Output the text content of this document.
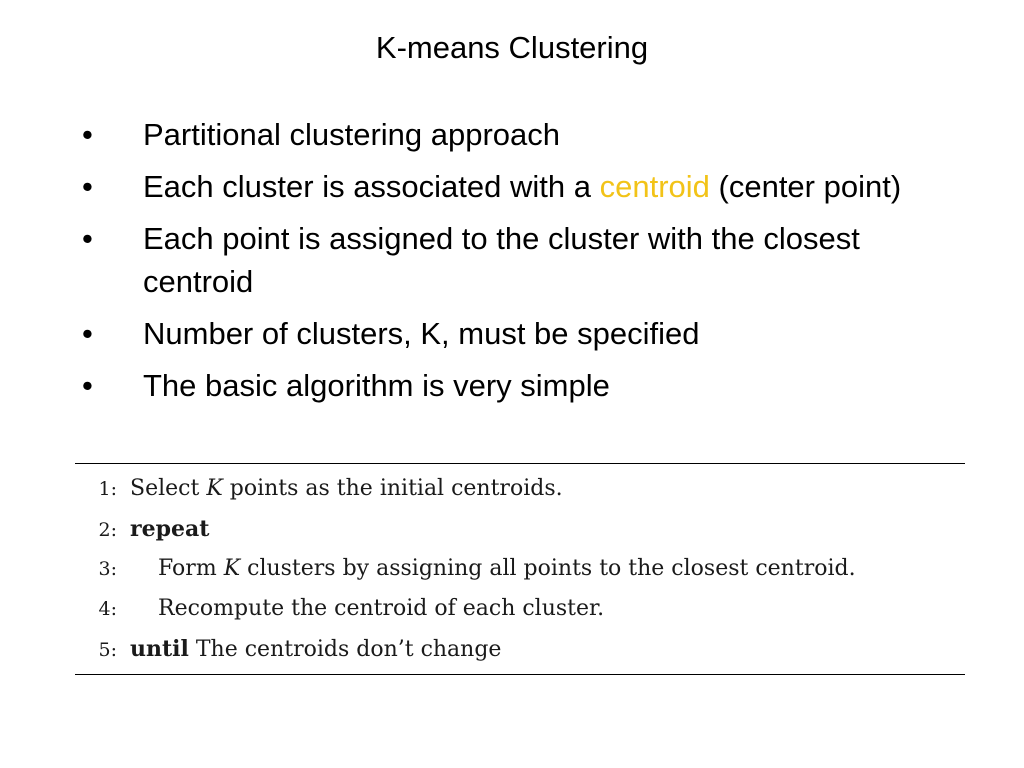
K-means Clustering
• Partitional clustering approach
• Each cluster is associated with a centroid (center point)
• Each point is assigned to the cluster with the closest centroid
• Number of clusters, K, must be specified
• The basic algorithm is very simple
1: Select K points as the initial centroids.
2: repeat
3: Form K clusters by assigning all points to the closest centroid.
4: Recompute the centroid of each cluster.
5: until The centroids don’t change
